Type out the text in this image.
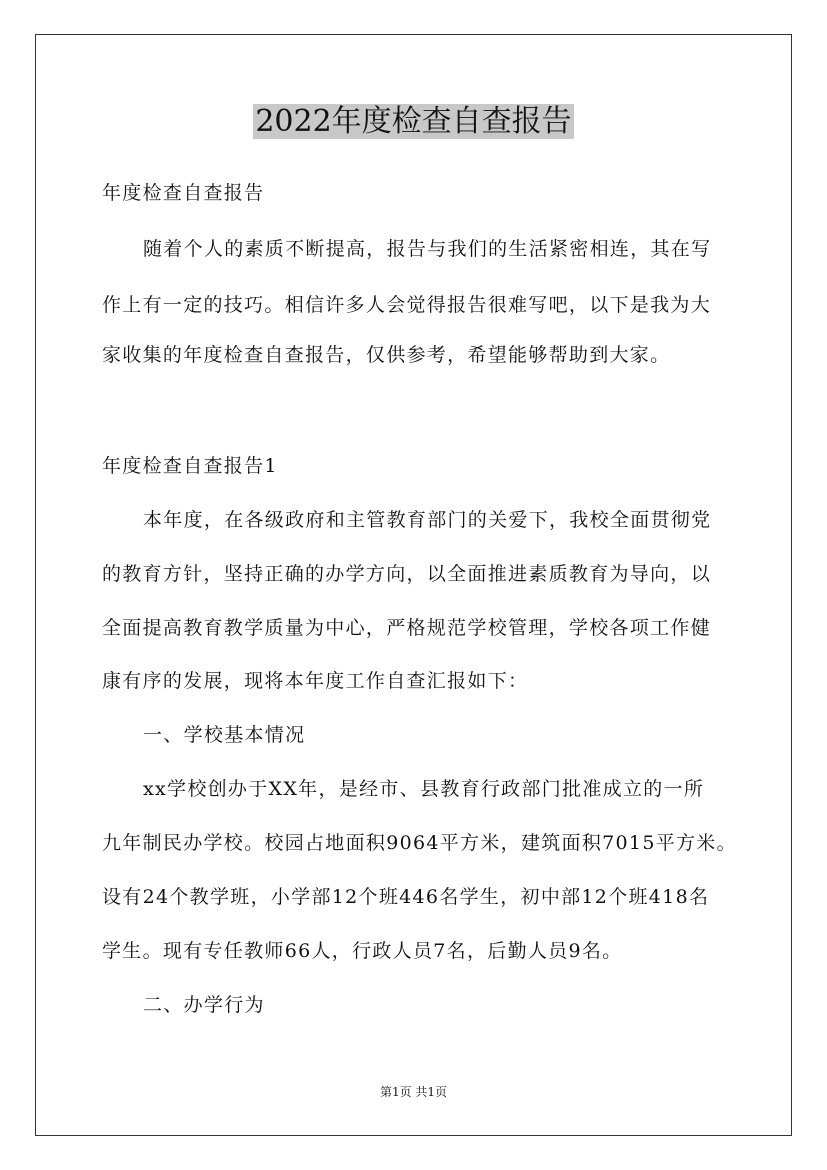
2022年度检查自查报告
年度检查自查报告
随着个人的素质不断提高，报告与我们的生活紧密相连，其在写
作上有一定的技巧。相信许多人会觉得报告很难写吧，以下是我为大
家收集的年度检查自查报告，仅供参考，希望能够帮助到大家。
年度检查自查报告1
本年度，在各级政府和主管教育部门的关爱下，我校全面贯彻党
的教育方针，坚持正确的办学方向，以全面推进素质教育为导向，以
全面提高教育教学质量为中心，严格规范学校管理，学校各项工作健
康有序的发展，现将本年度工作自查汇报如下：
一、学校基本情况
xx学校创办于XX年，是经市、县教育行政部门批准成立的一所
九年制民办学校。校园占地面积9064平方米，建筑面积7015平方米。
设有24个教学班，小学部12个班446名学生，初中部12个班418名
学生。现有专任教师66人，行政人员7名，后勤人员9名。
二、办学行为
第1页 共1页
